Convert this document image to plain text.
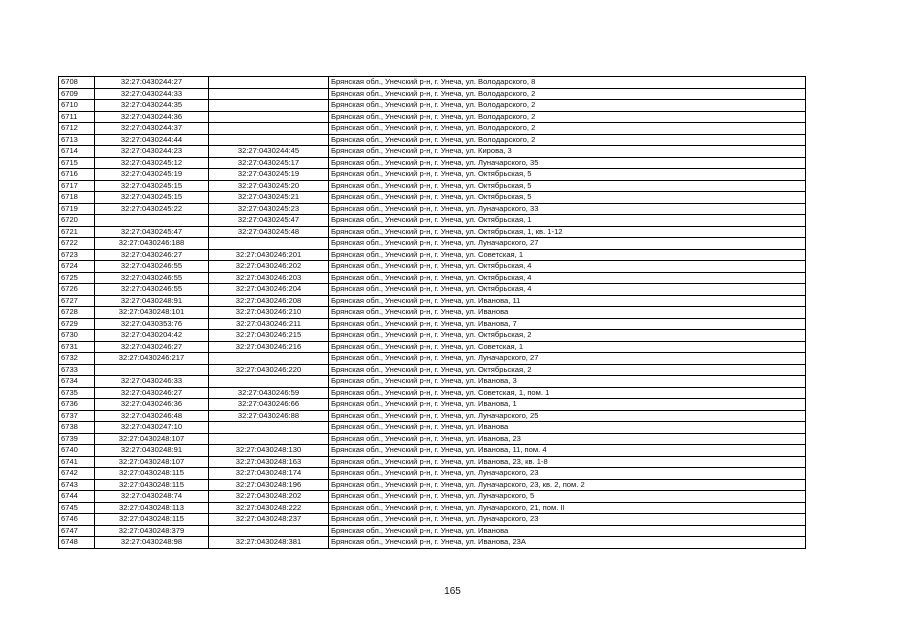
6708	32:27:0430244:27		Брянская обл., Унечский р-н, г. Унеча, ул. Володарского, 8
6709	32:27:0430244:33		Брянская обл., Унечский р-н, г. Унеча, ул. Володарского, 2
6710	32:27:0430244:35		Брянская обл., Унечский р-н, г. Унеча, ул. Володарского, 2
6711	32:27:0430244:36		Брянская обл., Унечский р-н, г. Унеча, ул. Володарского, 2
6712	32:27:0430244:37		Брянская обл., Унечский р-н, г. Унеча, ул. Володарского, 2
6713	32:27:0430244:44		Брянская обл., Унечский р-н, г. Унеча, ул. Володарского, 2
6714	32:27:0430244:23	32:27:0430244:45	Брянская обл., Унечский р-н, г. Унеча, ул. Кирова, 3
6715	32:27:0430245:12	32:27:0430245:17	Брянская обл., Унечский р-н, г. Унеча, ул. Луначарского, 35
6716	32:27:0430245:19	32:27:0430245:19	Брянская обл., Унечский р-н, г. Унеча, ул. Октябрьская, 5
6717	32:27:0430245:15	32:27:0430245:20	Брянская обл., Унечский р-н, г. Унеча, ул. Октябрьская, 5
6718	32:27:0430245:15	32:27:0430245:21	Брянская обл., Унечский р-н, г. Унеча, ул. Октябрьская, 5
6719	32:27:0430245:22	32:27:0430245:23	Брянская обл., Унечский р-н, г. Унеча, ул. Луначарского, 33
6720		32:27:0430245:47	Брянская обл., Унечский р-н, г. Унеча, ул. Октябрьская, 1
6721	32:27:0430245:47	32:27:0430245:48	Брянская обл., Унечский р-н, г. Унеча, ул. Октябрьская, 1, кв. 1-12
6722	32:27:0430246:188		Брянская обл., Унечский р-н, г. Унеча, ул. Луначарского, 27
6723	32:27:0430246:27	32:27:0430246:201	Брянская обл., Унечский р-н, г. Унеча, ул. Советская, 1
6724	32:27:0430246:55	32:27:0430246:202	Брянская обл., Унечский р-н, г. Унеча, ул. Октябрьская, 4
6725	32:27:0430246:55	32:27:0430246:203	Брянская обл., Унечский р-н, г. Унеча, ул. Октябрьская, 4
6726	32:27:0430246:55	32:27:0430246:204	Брянская обл., Унечский р-н, г. Унеча, ул. Октябрьская, 4
6727	32:27:0430248:91	32:27:0430246:208	Брянская обл., Унечский р-н, г. Унеча, ул. Иванова, 11
6728	32:27:0430248:101	32:27:0430246:210	Брянская обл., Унечский р-н, г. Унеча, ул. Иванова
6729	32:27:0430353:76	32:27:0430246:211	Брянская обл., Унечский р-н, г. Унеча, ул. Иванова, 7
6730	32:27:0430204:42	32:27:0430246:215	Брянская обл., Унечский р-н, г. Унеча, ул. Октябрьская, 2
6731	32:27:0430246:27	32:27:0430246:216	Брянская обл., Унечский р-н, г. Унеча, ул. Советская, 1
6732	32:27:0430246:217		Брянская обл., Унечский р-н, г. Унеча, ул. Луначарского, 27
6733		32:27:0430246:220	Брянская обл., Унечский р-н, г. Унеча, ул. Октябрьская, 2
6734	32:27:0430246:33		Брянская обл., Унечский р-н, г. Унеча, ул. Иванова, 3
6735	32:27:0430246:27	32:27:0430246:59	Брянская обл., Унечский р-н, г. Унеча, ул. Советская, 1, пом. 1
6736	32:27:0430246:36	32:27:0430246:66	Брянская обл., Унечский р-н, г. Унеча, ул. Иванова, 1
6737	32:27:0430246:48	32:27:0430246:88	Брянская обл., Унечский р-н, г. Унеча, ул. Луначарского, 25
6738	32:27:0430247:10		Брянская обл., Унечский р-н, г. Унеча, ул. Иванова
6739	32:27:0430248:107		Брянская обл., Унечский р-н, г. Унеча, ул. Иванова, 23
6740	32:27:0430248:91	32:27:0430248:130	Брянская обл., Унечский р-н, г. Унеча, ул. Иванова, 11, пом. 4
6741	32:27:0430248:107	32:27:0430248:163	Брянская обл., Унечский р-н, г. Унеча, ул. Иванова, 23, кв. 1-8
6742	32:27:0430248:115	32:27:0430248:174	Брянская обл., Унечский р-н, г. Унеча, ул. Луначарского, 23
6743	32:27:0430248:115	32:27:0430248:196	Брянская обл., Унечский р-н, г. Унеча, ул. Луначарского, 23, кв. 2, пом. 2
6744	32:27:0430248:74	32:27:0430248:202	Брянская обл., Унечский р-н, г. Унеча, ул. Луначарского, 5
6745	32:27:0430248:113	32:27:0430248:222	Брянская обл., Унечский р-н, г. Унеча, ул. Луначарского, 21, пом. II
6746	32:27:0430248:115	32:27:0430248:237	Брянская обл., Унечский р-н, г. Унеча, ул. Луначарского, 23
6747	32:27:0430248:379		Брянская обл., Унечский р-н, г. Унеча, ул. Иванова
6748	32:27:0430248:98	32:27:0430248:381	Брянская обл., Унечский р-н, г. Унеча, ул. Иванова, 23А
165
